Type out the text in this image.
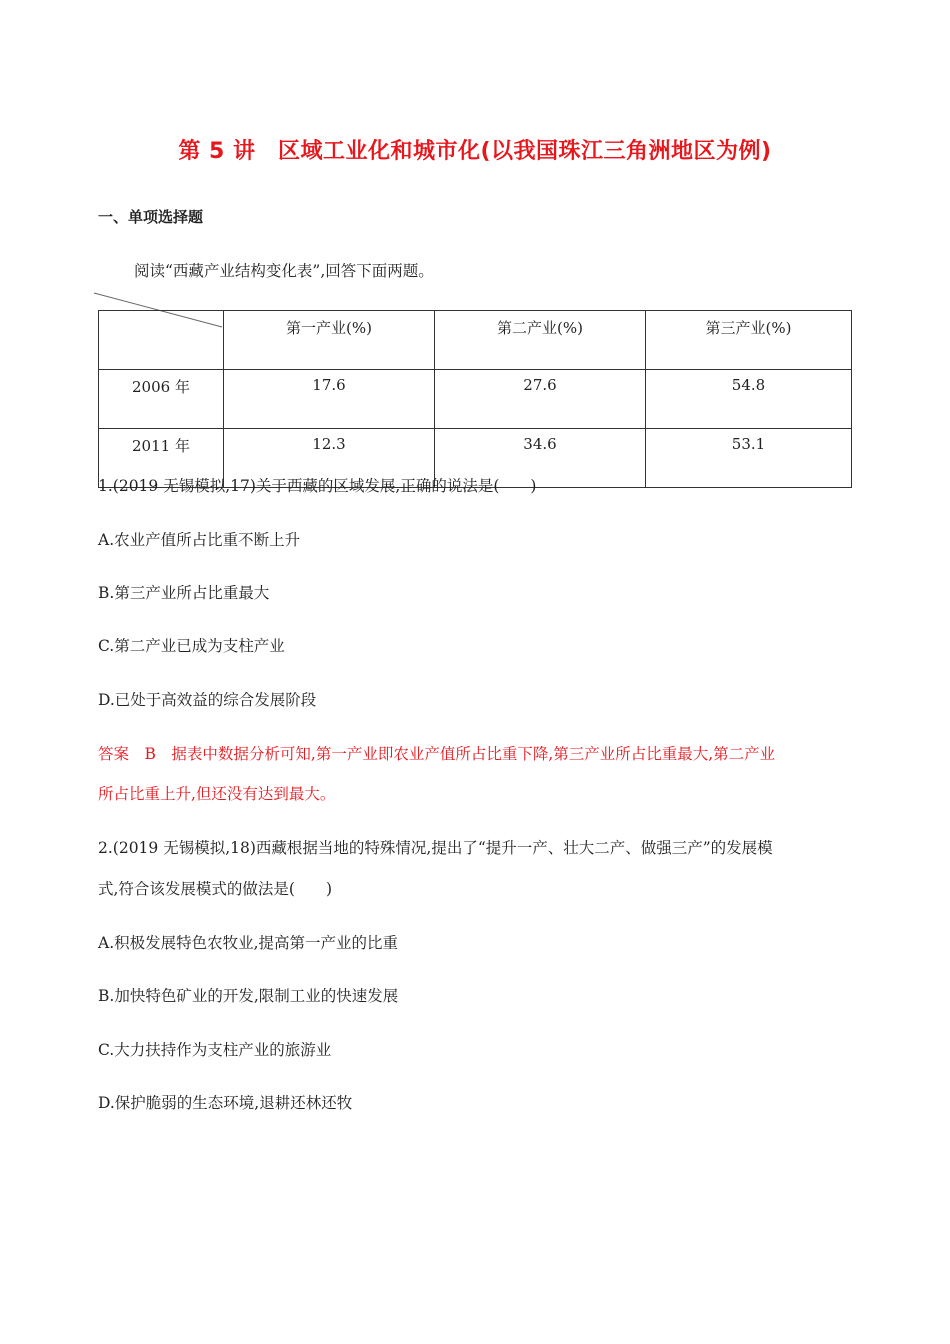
第 5 讲　区域工业化和城市化(以我国珠江三角洲地区为例)
一、单项选择题
阅读“西藏产业结构变化表”,回答下面两题。
	第一产业(%)	第二产业(%)	第三产业(%)
2006 年	17.6	27.6	54.8
2011 年	12.3	34.6	53.1
1.(2019 无锡模拟,17)关于西藏的区域发展,正确的说法是(　　)
A.农业产值所占比重不断上升
B.第三产业所占比重最大
C.第二产业已成为支柱产业
D.已处于高效益的综合发展阶段
答案　B　据表中数据分析可知,第一产业即农业产值所占比重下降,第三产业所占比重最大,第二产业
所占比重上升,但还没有达到最大。
2.(2019 无锡模拟,18)西藏根据当地的特殊情况,提出了“提升一产、壮大二产、做强三产”的发展模
式,符合该发展模式的做法是(　　)
A.积极发展特色农牧业,提高第一产业的比重
B.加快特色矿业的开发,限制工业的快速发展
C.大力扶持作为支柱产业的旅游业
D.保护脆弱的生态环境,退耕还林还牧
